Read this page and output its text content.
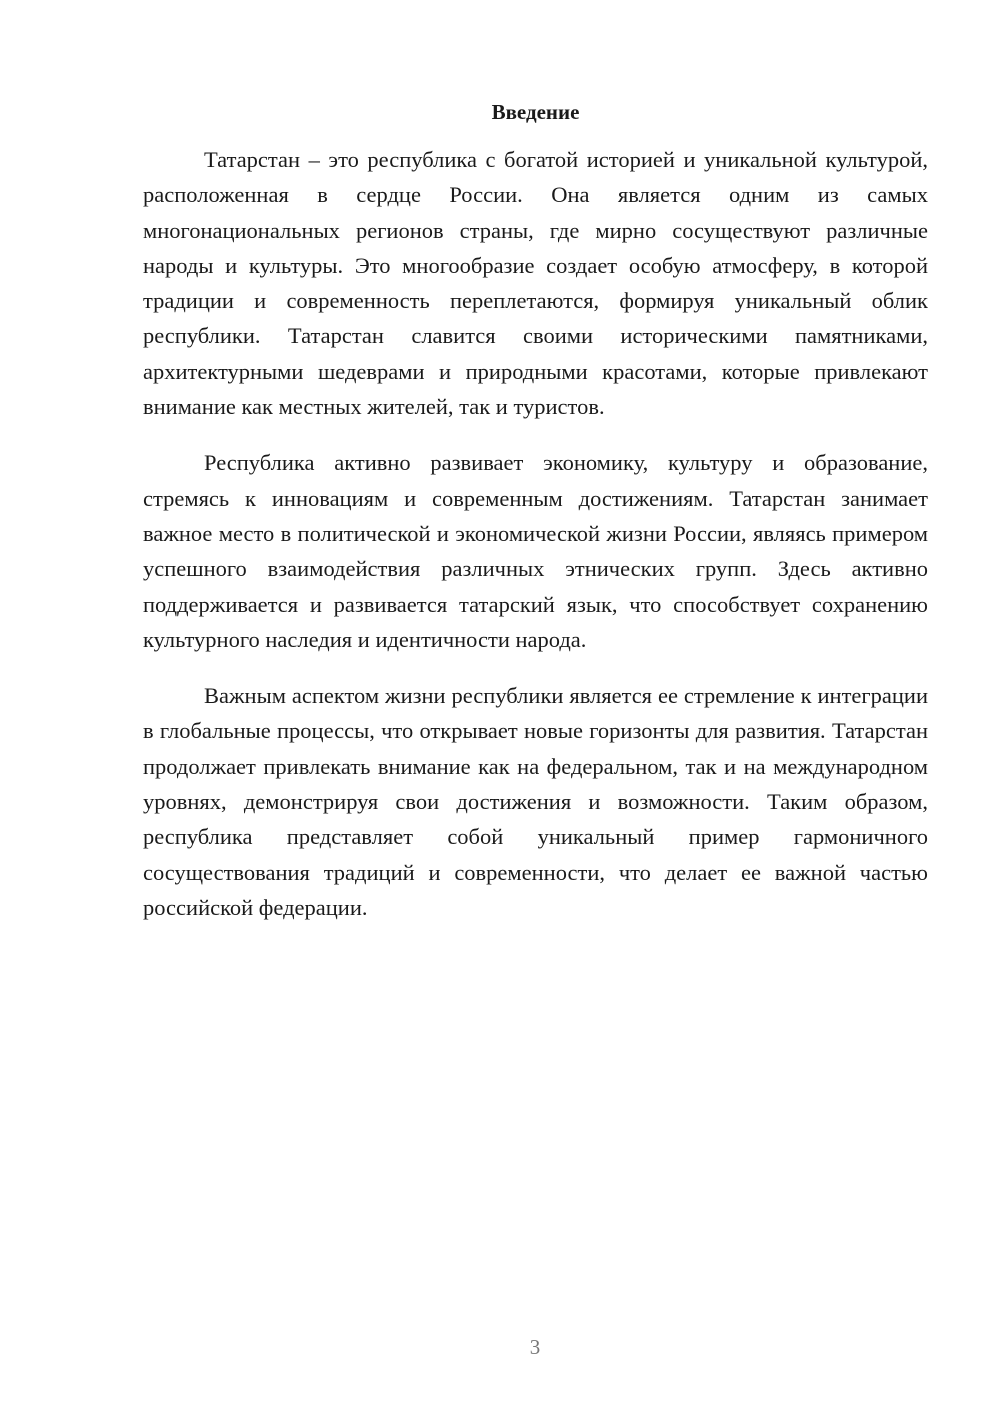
Введение

Татарстан – это республика с богатой историей и уникальной культурой, расположенная в сердце России. Она является одним из самых многонациональных регионов страны, где мирно сосуществуют различные народы и культуры. Это многообразие создает особую атмосферу, в которой традиции и современность переплетаются, формируя уникальный облик республики. Татарстан славится своими историческими памятниками, архитектурными шедеврами и природными красотами, которые привлекают внимание как местных жителей, так и туристов.

Республика активно развивает экономику, культуру и образование, стремясь к инновациям и современным достижениям. Татарстан занимает важное место в политической и экономической жизни России, являясь примером успешного взаимодействия различных этнических групп. Здесь активно поддерживается и развивается татарский язык, что способствует сохранению культурного наследия и идентичности народа.

Важным аспектом жизни республики является ее стремление к интеграции в глобальные процессы, что открывает новые горизонты для развития. Татарстан продолжает привлекать внимание как на федеральном, так и на международном уровнях, демонстрируя свои достижения и возможности. Таким образом, республика представляет собой уникальный пример гармоничного сосуществования традиций и современности, что делает ее важной частью российской федерации.

3
